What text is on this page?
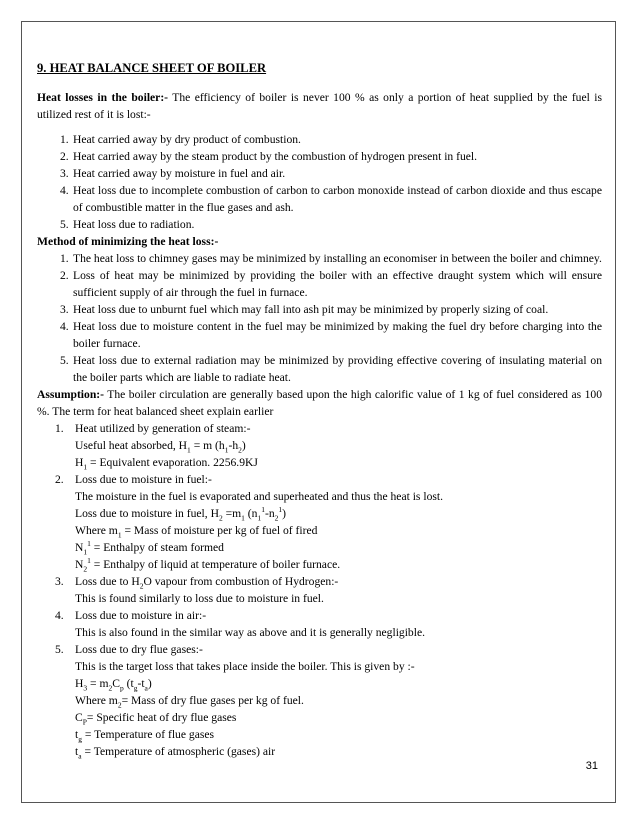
9. HEAT BALANCE SHEET OF BOILER

Heat losses in the boiler:- The efficiency of boiler is never 100 % as only a portion of heat supplied by the fuel is utilized rest of it is lost:-

1. Heat carried away by dry product of combustion.
2. Heat carried away by the steam product by the combustion of hydrogen present in fuel.
3. Heat carried away by moisture in fuel and air.
4. Heat loss due to incomplete combustion of carbon to carbon monoxide instead of carbon dioxide and thus escape of combustible matter in the flue gases and ash.
5. Heat loss due to radiation.

Method of minimizing the heat loss:-

1. The heat loss to chimney gases may be minimized by installing an economiser in between the boiler and chimney.
2. Loss of heat may be minimized by providing the boiler with an effective draught system which will ensure sufficient supply of air through the fuel in furnace.
3. Heat loss due to unburnt fuel which may fall into ash pit may be minimized by properly sizing of coal.
4. Heat loss due to moisture content in the fuel may be minimized by making the fuel dry before charging into the boiler furnace.
5. Heat loss due to external radiation may be minimized by providing effective covering of insulating material on the boiler parts which are liable to radiate heat.

Assumption:- The boiler circulation are generally based upon the high calorific value of 1 kg of fuel considered as 100 %. The term for heat balanced sheet explain earlier

1. Heat utilized by generation of steam:-
Useful heat absorbed, $H_1 = m$ $(h_1-h_2)$
$H_1$ = Equivalent evaporation. 2256.9KJ
2. Loss due to moisture in fuel:-
The moisture in the fuel is evaporated and superheated and thus the heat is lost.
Loss due to moisture in fuel, $H_2 =m_1$ $(n_1^1-n_2^1)$
Where $m_1$ = Mass of moisture per kg of fuel of fired
$N_1^1$ = Enthalpy of steam formed
$N_2^1$ = Enthalpy of liquid at temperature of boiler furnace.
3. Loss due to $H_2O$ vapour from combustion of Hydrogen:-
This is found similarly to loss due to moisture in fuel.
4. Loss due to moisture in air:-
This is also found in the similar way as above and it is generally negligible.
5. Loss due to dry flue gases:-
This is the target loss that takes place inside the boiler. This is given by :-
$H_3 = m_2C_p$ $(t_g-t_a)$
Where $m_2=$ Mass of dry flue gases per kg of fuel.
$C_P=$ Specific heat of dry flue gases
$t_g$ = Temperature of flue gases
$t_a$ = Temperature of atmospheric (gases) air
31
